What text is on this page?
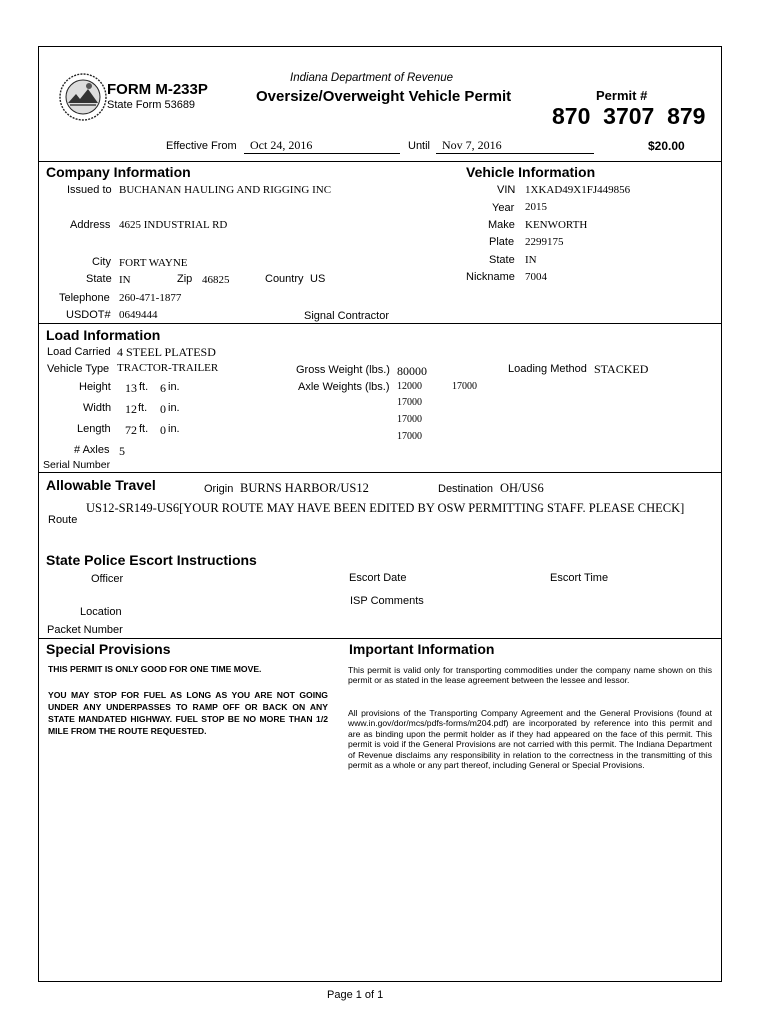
FORM M-233P
State Form 53689
Indiana Department of Revenue
Oversize/Overweight Vehicle Permit	Permit #
870  3707  879
Effective From Oct 24, 2016	Until Nov 7, 2016	$20.00
Company Information
Issued to BUCHANAN HAULING AND RIGGING INC
Address 4625 INDUSTRIAL RD
City FORT WAYNE
State IN	Zip 46825	Country US
Telephone 260-471-1877
USDOT# 0649444	Signal Contractor
Vehicle Information
VIN 1XKAD49X1FJ449856
Year 2015
Make KENWORTH
Plate 2299175
State IN
Nickname 7004
Load Information
Load Carried 4 STEEL PLATESD
Vehicle Type TRACTOR-TRAILER	Gross Weight (lbs.) 80000	Loading Method STACKED
Axle Weights (lbs.) 12000	17000
17000
17000
17000
Height 13 ft. 6 in.
Width 12 ft. 0 in.
Length 72 ft. 0 in.
# Axles 5
Serial Number
Allowable Travel	Origin BURNS HARBOR/US12	Destination OH/US6
US12-SR149-US6[YOUR ROUTE MAY HAVE BEEN EDITED BY OSW PERMITTING STAFF. PLEASE CHECK]
Route
State Police Escort Instructions
Officer	Escort Date	Escort Time
ISP Comments
Location
Packet Number
Special Provisions
THIS PERMIT IS ONLY GOOD FOR ONE TIME MOVE.
YOU MAY STOP FOR FUEL AS LONG AS YOU ARE NOT GOING UNDER ANY UNDERPASSES TO RAMP OFF OR BACK ON ANY STATE MANDATED HIGHWAY. FUEL STOP BE NO MORE THAN 1/2 MILE FROM THE ROUTE REQUESTED.
Important Information
This permit is valid only for transporting commodities under the company name shown on this permit or as stated in the lease agreement between the lessee and lessor.
All provisions of the Transporting Company Agreement and the General Provisions (found at www.in.gov/dor/mcs/pdfs-forms/m204.pdf) are incorporated by reference into this permit and are as binding upon the permit holder as if they had appeared on the face of this permit. This permit is void if the General Provisions are not carried with this permit. The Indiana Department of Revenue disclaims any responsibility in relation to the correctness in the transmitting of this permit as a whole or any part thereof, including General or Special Provisions.
Page 1 of 1
